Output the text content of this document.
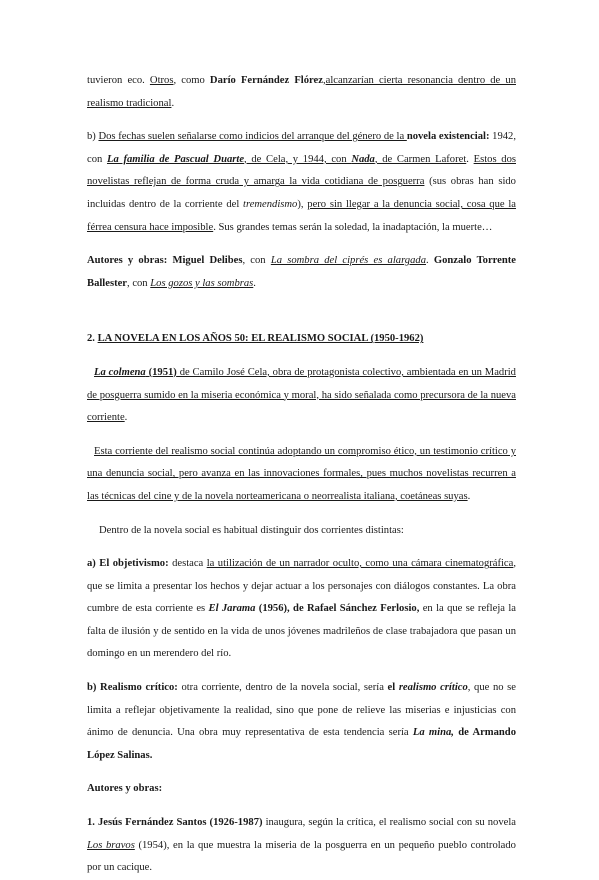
tuvieron eco. Otros, como Darío Fernández Flórez,alcanzarían cierta resonancia dentro de un realismo tradicional.

b) Dos fechas suelen señalarse como indicios del arranque del género de la novela existencial: 1942, con La familia de Pascual Duarte, de Cela, y 1944, con Nada, de Carmen Laforet. Estos dos novelistas reflejan de forma cruda y amarga la vida cotidiana de posguerra (sus obras han sido incluidas dentro de la corriente del tremendismo), pero sin llegar a la denuncia social, cosa que la férrea censura hace imposible. Sus grandes temas serán la soledad, la inadaptación, la muerte…

Autores y obras: Miguel Delibes, con La sombra del ciprés es alargada. Gonzalo Torrente Ballester, con Los gozos y las sombras.

2. LA NOVELA EN LOS AÑOS 50: EL REALISMO SOCIAL (1950-1962)

La colmena (1951) de Camilo José Cela, obra de protagonista colectivo, ambientada en un Madrid de posguerra sumido en la miseria económica y moral, ha sido señalada como precursora de la nueva corriente.

Esta corriente del realismo social continúa adoptando un compromiso ético, un testimonio crítico y una denuncia social, pero avanza en las innovaciones formales, pues muchos novelistas recurren a las técnicas del cine y de la novela norteamericana o neorrealista italiana, coetáneas suyas.

Dentro de la novela social es habitual distinguir dos corrientes distintas:

a) El objetivismo: destaca la utilización de un narrador oculto, como una cámara cinematográfica, que se limita a presentar los hechos y dejar actuar a los personajes con diálogos constantes. La obra cumbre de esta corriente es El Jarama (1956), de Rafael Sánchez Ferlosio, en la que se refleja la falta de ilusión y de sentido en la vida de unos jóvenes madrileños de clase trabajadora que pasan un domingo en un merendero del río.

b) Realismo crítico: otra corriente, dentro de la novela social, sería el realismo crítico, que no se limita a reflejar objetivamente la realidad, sino que pone de relieve las miserias e injusticias con ánimo de denuncia. Una obra muy representativa de esta tendencia sería La mina, de Armando López Salinas.

Autores y obras:

1. Jesús Fernández Santos (1926-1987) inaugura, según la crítica, el realismo social con su novela Los bravos (1954), en la que muestra la miseria de la posguerra en un pequeño pueblo controlado por un cacique.
